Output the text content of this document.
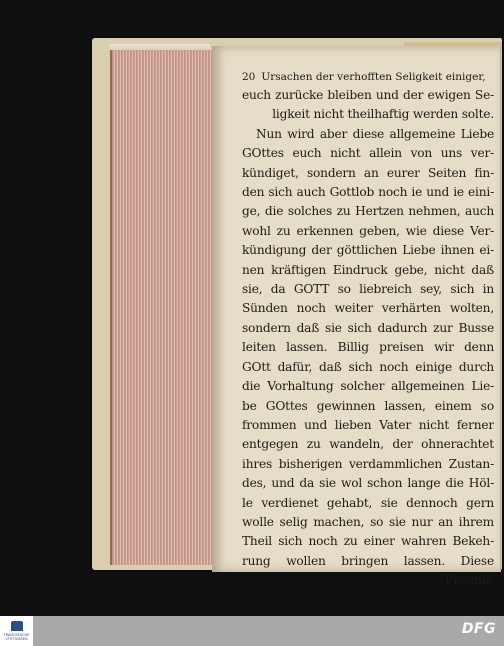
20 Ursachen der verhofften Seligkeit einiger,
euch zurücke bleiben und der ewigen Se-
ligkeit nicht theilhaftig werden solte.
Nun wird aber diese allgemeine Liebe
GOttes euch nicht allein von uns ver-
kündiget, sondern an eurer Seiten fin-
den sich auch Gottlob noch ie und ie eini-
ge, die solches zu Hertzen nehmen, auch
wohl zu erkennen geben, wie diese Ver-
kündigung der göttlichen Liebe ihnen ei-
nen kräftigen Eindruck gebe, nicht daß
sie, da GOTT so liebreich sey, sich in
Sünden noch weiter verhärten wolten,
sondern daß sie sich dadurch zur Busse
leiten lassen. Billig preisen wir denn
GOtt dafür, daß sich noch einige durch
die Vorhaltung solcher allgemeinen Lie-
be GOttes gewinnen lassen, einem so
frommen und lieben Vater nicht ferner
entgegen zu wandeln, der ohnerachtet
ihres bisherigen verdammlichen Zustan-
des, und da sie wol schon lange die Höl-
le verdienet gehabt, sie dennoch gern
wolle selig machen, so sie nur an ihrem
Theil sich noch zu einer wahren Bekeh-
rung wollen bringen lassen. Diese
Freund-
FRANCKESCHE STIFTUNGEN
DFG
